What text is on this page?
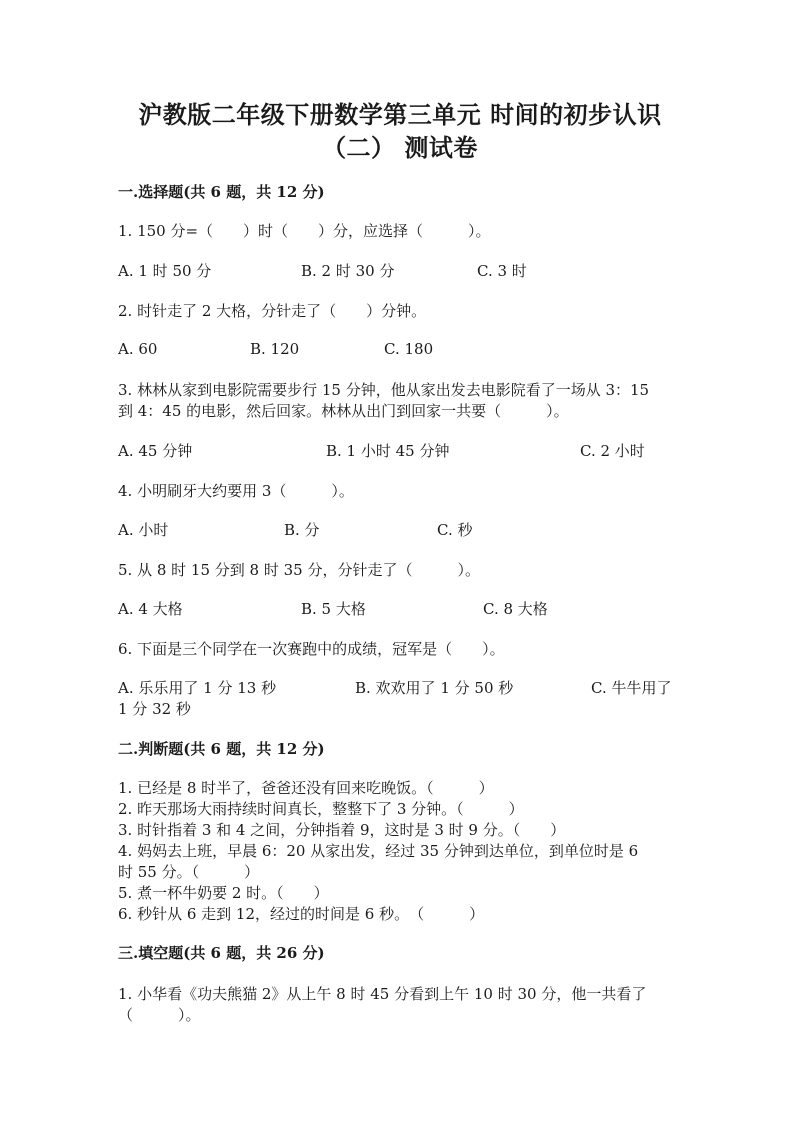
沪教版二年级下册数学第三单元 时间的初步认识
（二） 测试卷
一.选择题(共 6 题，共 12 分)
1. 150 分=（　　）时（　　）分，应选择（　　　）。
A. 1 时 50 分	B. 2 时 30 分	C. 3 时
2. 时针走了 2 大格，分针走了（　　）分钟。
A. 60	B. 120	C. 180
3. 林林从家到电影院需要步行 15 分钟，他从家出发去电影院看了一场从 3：15
到 4：45 的电影，然后回家。林林从出门到回家一共要（　　　）。
A. 45 分钟	B. 1 小时 45 分钟	C. 2 小时
4. 小明刷牙大约要用 3（　　　）。
A. 小时	B. 分	C. 秒
5. 从 8 时 15 分到 8 时 35 分，分针走了（　　　）。
A. 4 大格	B. 5 大格	C. 8 大格
6. 下面是三个同学在一次赛跑中的成绩，冠军是（　　）。
A. 乐乐用了 1 分 13 秒	B. 欢欢用了 1 分 50 秒	C. 牛牛用了
1 分 32 秒
二.判断题(共 6 题，共 12 分)
1. 已经是 8 时半了，爸爸还没有回来吃晚饭。（　　　）
2. 昨天那场大雨持续时间真长，整整下了 3 分钟。（　　　）
3. 时针指着 3 和 4 之间，分钟指着 9，这时是 3 时 9 分。（　　）
4. 妈妈去上班，早晨 6：20 从家出发，经过 35 分钟到达单位，到单位时是 6
时 55 分。（　　　）
5. 煮一杯牛奶要 2 时。（　　）
6. 秒针从 6 走到 12，经过的时间是 6 秒。　（　　　）
三.填空题(共 6 题，共 26 分)
1. 小华看《功夫熊猫 2》从上午 8 时 45 分看到上午 10 时 30 分，他一共看了
（　　　）。
